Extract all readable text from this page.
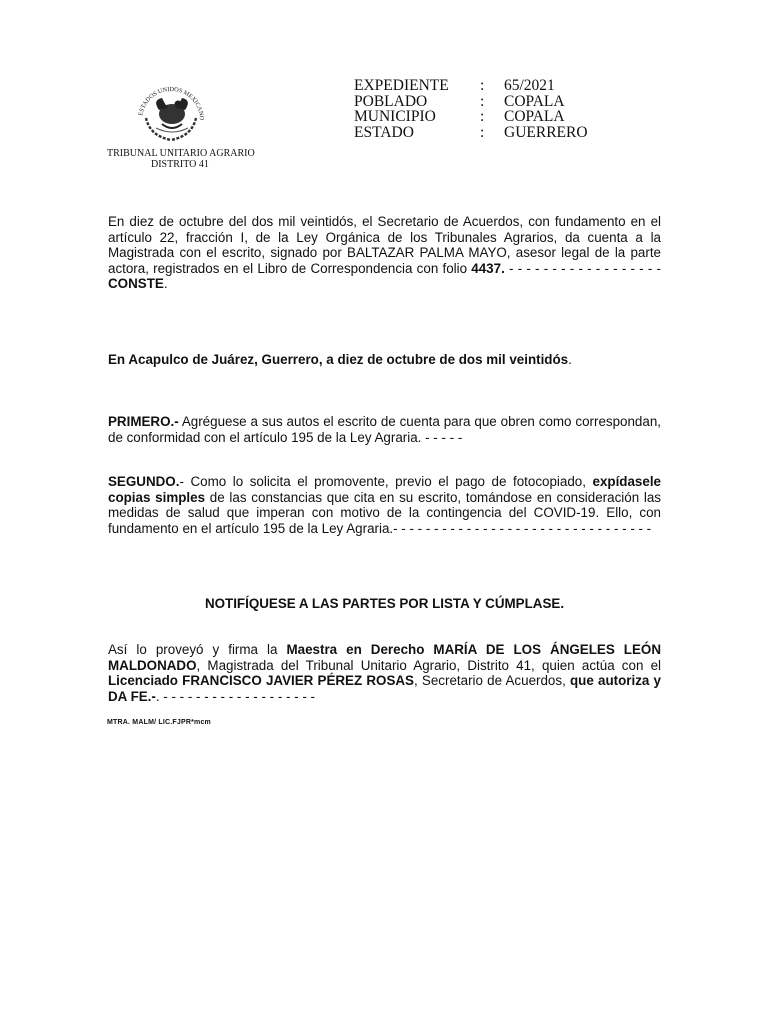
ESTADOS UNIDOS MEXICANO
TRIBUNAL UNITARIO AGRARIO
DISTRITO 41
EXPEDIENTE	:	65/2021
POBLADO	:	COPALA
MUNICIPIO	:	COPALA
ESTADO	:	GUERRERO
En diez de octubre del dos mil veintidós, el Secretario de Acuerdos, con fundamento en el artículo 22, fracción I, de la Ley Orgánica de los Tribunales Agrarios, da cuenta a la Magistrada con el escrito, signado por BALTAZAR PALMA MAYO, asesor legal de la parte actora, registrados en el Libro de Correspondencia con folio 4437. - - - - - - - - - - - - - - - - - - CONSTE.
En Acapulco de Juárez, Guerrero, a diez de octubre de dos mil veintidós.
PRIMERO.- Agréguese a sus autos el escrito de cuenta para que obren como correspondan, de conformidad con el artículo 195 de la Ley Agraria. - - - - -
SEGUNDO.- Como lo solicita el promovente, previo el pago de fotocopiado, expídasele copias simples de las constancias que cita en su escrito, tomándose en consideración las medidas de salud que imperan con motivo de la contingencia del COVID-19. Ello, con fundamento en el artículo 195 de la Ley Agraria.- - - - - - - - - - - - - - - - - - - - - - - - - - - - - - - -
NOTIFÍQUESE A LAS PARTES POR LISTA Y CÚMPLASE.
Así lo proveyó y firma la Maestra en Derecho MARÍA DE LOS ÁNGELES LEÓN MALDONADO, Magistrada del Tribunal Unitario Agrario, Distrito 41, quien actúa con el Licenciado FRANCISCO JAVIER PÉREZ ROSAS, Secretario de Acuerdos, que autoriza y DA FE.-. - - - - - - - - - - - - - - - - - - -
MTRA. MALM/ LIC.FJPR*mcm
